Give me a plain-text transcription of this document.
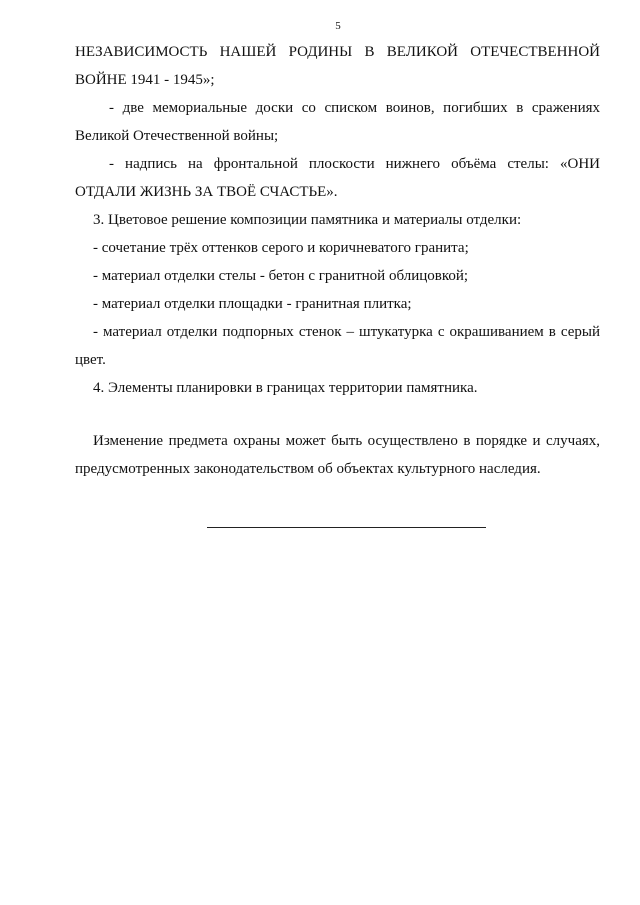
5

НЕЗАВИСИМОСТЬ НАШЕЙ РОДИНЫ В ВЕЛИКОЙ ОТЕЧЕСТВЕННОЙ ВОЙНЕ 1941 - 1945»;

- две мемориальные доски со списком воинов, погибших в сражениях Великой Отечественной войны;

- надпись на фронтальной плоскости нижнего объёма стелы: «ОНИ ОТДАЛИ ЖИЗНЬ ЗА ТВОЁ СЧАСТЬЕ».

3. Цветовое решение композиции памятника и материалы отделки:

- сочетание трёх оттенков серого и коричневатого гранита;

- материал отделки стелы - бетон с гранитной облицовкой;

- материал отделки площадки - гранитная плитка;

- материал отделки подпорных стенок – штукатурка с окрашиванием в серый цвет.

4. Элементы планировки в границах территории памятника.

Изменение предмета охраны может быть осуществлено в порядке и случаях, предусмотренных законодательством об объектах культурного наследия.
